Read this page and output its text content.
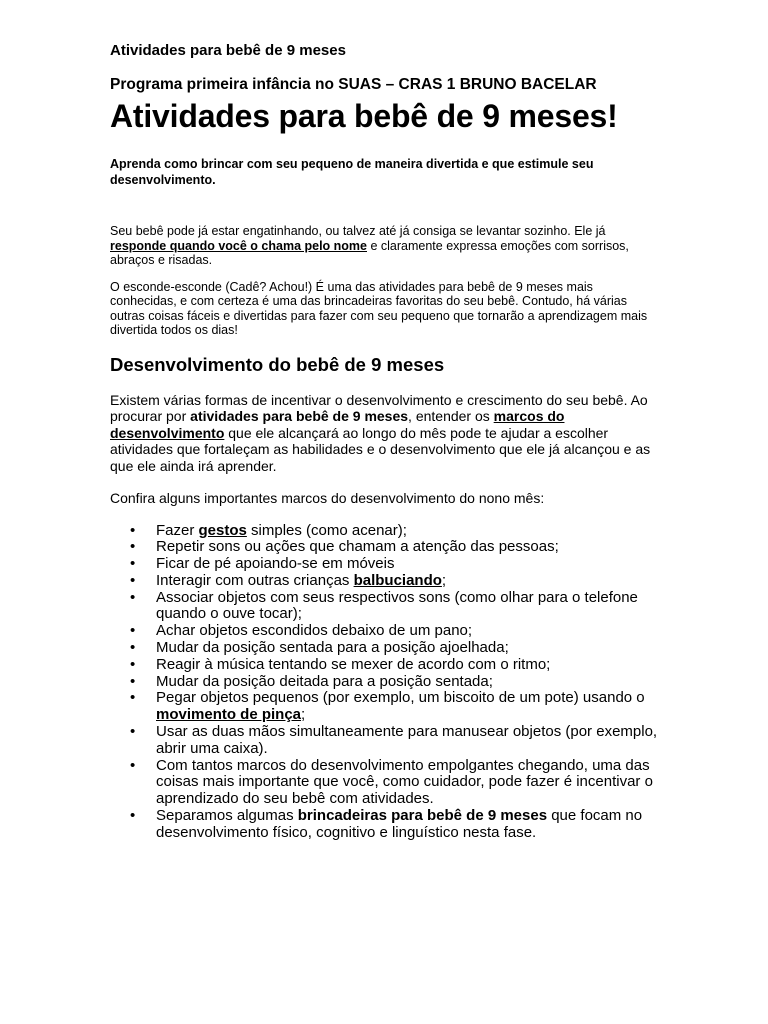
Atividades para bebê de 9 meses

Programa primeira infância no SUAS – CRAS 1 BRUNO BACELAR

Atividades para bebê de 9 meses!

Aprenda como brincar com seu pequeno de maneira divertida e que estimule seu desenvolvimento.

Seu bebê pode já estar engatinhando, ou talvez até já consiga se levantar sozinho. Ele já responde quando você o chama pelo nome e claramente expressa emoções com sorrisos, abraços e risadas.

O esconde-esconde (Cadê? Achou!) É uma das atividades para bebê de 9 meses mais conhecidas, e com certeza é uma das brincadeiras favoritas do seu bebê. Contudo, há várias outras coisas fáceis e divertidas para fazer com seu pequeno que tornarão a aprendizagem mais divertida todos os dias!

Desenvolvimento do bebê de 9 meses

Existem várias formas de incentivar o desenvolvimento e crescimento do seu bebê. Ao procurar por atividades para bebê de 9 meses, entender os marcos do desenvolvimento que ele alcançará ao longo do mês pode te ajudar a escolher atividades que fortaleçam as habilidades e o desenvolvimento que ele já alcançou e as que ele ainda irá aprender.

Confira alguns importantes marcos do desenvolvimento do nono mês:

• Fazer gestos simples (como acenar);
• Repetir sons ou ações que chamam a atenção das pessoas;
• Ficar de pé apoiando-se em móveis
• Interagir com outras crianças balbuciando;
• Associar objetos com seus respectivos sons (como olhar para o telefone quando o ouve tocar);
• Achar objetos escondidos debaixo de um pano;
• Mudar da posição sentada para a posição ajoelhada;
• Reagir à música tentando se mexer de acordo com o ritmo;
• Mudar da posição deitada para a posição sentada;
• Pegar objetos pequenos (por exemplo, um biscoito de um pote) usando o movimento de pinça;
• Usar as duas mãos simultaneamente para manusear objetos (por exemplo, abrir uma caixa).
• Com tantos marcos do desenvolvimento empolgantes chegando, uma das coisas mais importante que você, como cuidador, pode fazer é incentivar o aprendizado do seu bebê com atividades.
• Separamos algumas brincadeiras para bebê de 9 meses que focam no desenvolvimento físico, cognitivo e linguístico nesta fase.
